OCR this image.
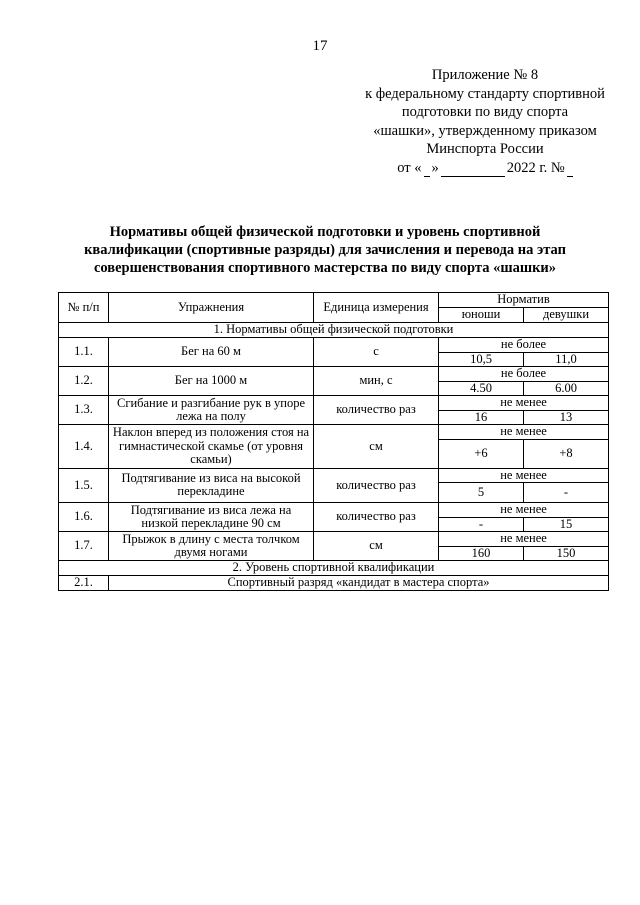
17
Приложение № 8
к федеральному стандарту спортивной
подготовки по виду спорта
«шашки», утвержденному приказом
Минспорта России
от « »	2022 г. №
Нормативы общей физической подготовки и уровень спортивной
квалификации (спортивные разряды) для зачисления и перевода на этап
совершенствования спортивного мастерства по виду спорта «шашки»
№ п/п	Упражнения	Единица измерения	Норматив	
			юноши	девушки
1. Нормативы общей физической подготовки				
1.1.	Бег на 60 м	с	не более	
			10,5	11,0
1.2.	Бег на 1000 м	мин, с	не более	
			4.50	6.00
1.3.	Сгибание и разгибание рук в упоре лежа на полу	количество раз	не менее	
			16	13
1.4.	Наклон вперед из положения стоя на гимнастической скамье (от уровня скамьи)	см	не менее	
			+6	+8
1.5.	Подтягивание из виса на высокой перекладине	количество раз	не менее	
			5	-
1.6.	Подтягивание из виса лежа на низкой перекладине 90 см	количество раз	не менее	
			-	15
1.7.	Прыжок в длину с места толчком двумя ногами	см	не менее	
			160	150
2. Уровень спортивной квалификации				
2.1.	Спортивный разряд «кандидат в мастера спорта»			
